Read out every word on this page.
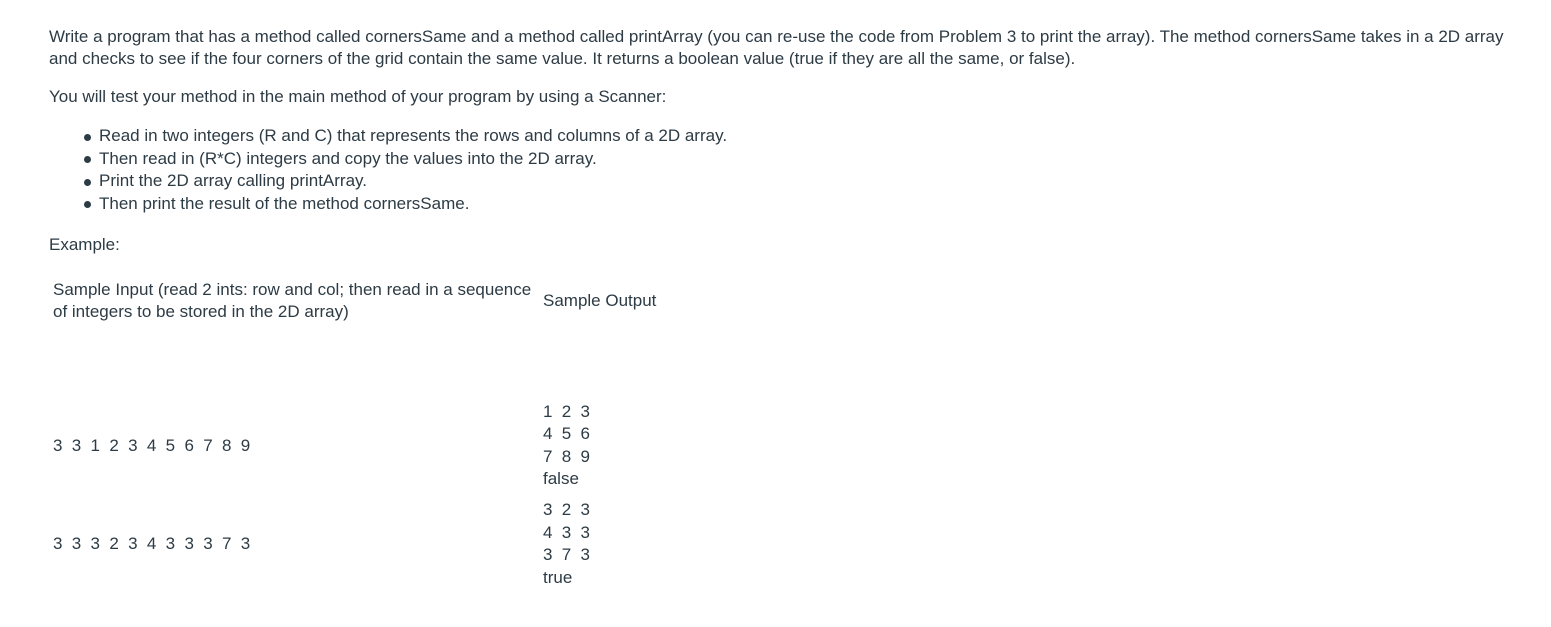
Write a program that has a method called cornersSame and a method called printArray (you can re-use the code from Problem 3 to print the array). The method cornersSame takes in a 2D array
and checks to see if the four corners of the grid contain the same value. It returns a boolean value (true if they are all the same, or false).

You will test your method in the main method of your program by using a Scanner:

Read in two integers (R and C) that represents the rows and columns of a 2D array.
Then read in (R*C) integers and copy the values into the 2D array.
Print the 2D array calling printArray.
Then print the result of the method cornersSame.

Example:

Sample Input (read 2 ints: row and col; then read in a sequence
of integers to be stored in the 2D array)	Sample Output

3 3 1 2 3 4 5 6 7 8 9	1 2 3
4 5 6
7 8 9
false

3 3 3 2 3 4 3 3 3 7 3	3 2 3
4 3 3
3 7 3
true
